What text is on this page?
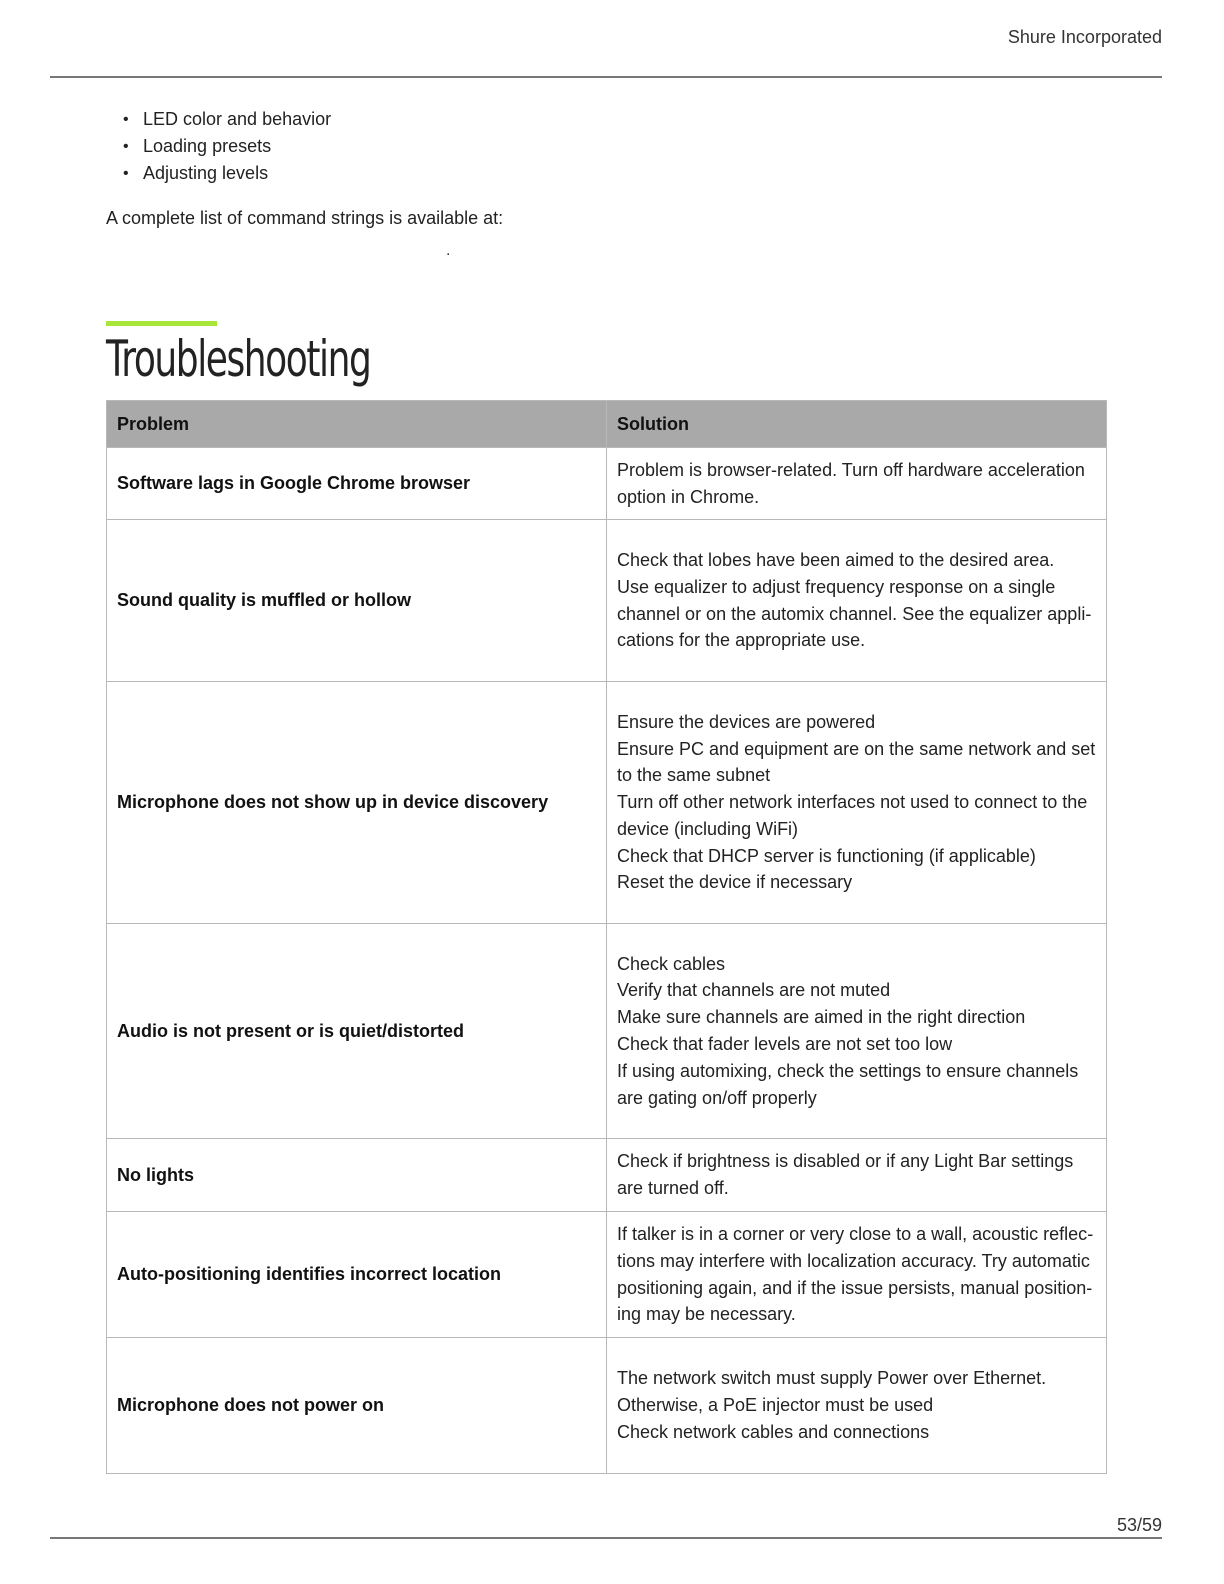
Shure Incorporated
• LED color and behavior
• Loading presets
• Adjusting levels
A complete list of command strings is available at:
.
Troubleshooting
Problem	Solution
Software lags in Google Chrome browser	Problem is browser-related. Turn off hardware acceleration option in Chrome.

Sound quality is muffled or hollow	Check that lobes have been aimed to the desired area.
Use equalizer to adjust frequency response on a single channel or on the automix channel. See the equalizer applications for the appropriate use.

Microphone does not show up in device discovery	Ensure the devices are powered
Ensure PC and equipment are on the same network and set to the same subnet
Turn off other network interfaces not used to connect to the device (including WiFi)
Check that DHCP server is functioning (if applicable)
Reset the device if necessary

Audio is not present or is quiet/distorted	Check cables
Verify that channels are not muted
Make sure channels are aimed in the right direction
Check that fader levels are not set too low
If using automixing, check the settings to ensure channels are gating on/off properly

No lights	Check if brightness is disabled or if any Light Bar settings are turned off.

Auto-positioning identifies incorrect location	If talker is in a corner or very close to a wall, acoustic reflections may interfere with localization accuracy. Try automatic positioning again, and if the issue persists, manual positioning may be necessary.

Microphone does not power on	The network switch must supply Power over Ethernet. Otherwise, a PoE injector must be used
Check network cables and connections
53/59
